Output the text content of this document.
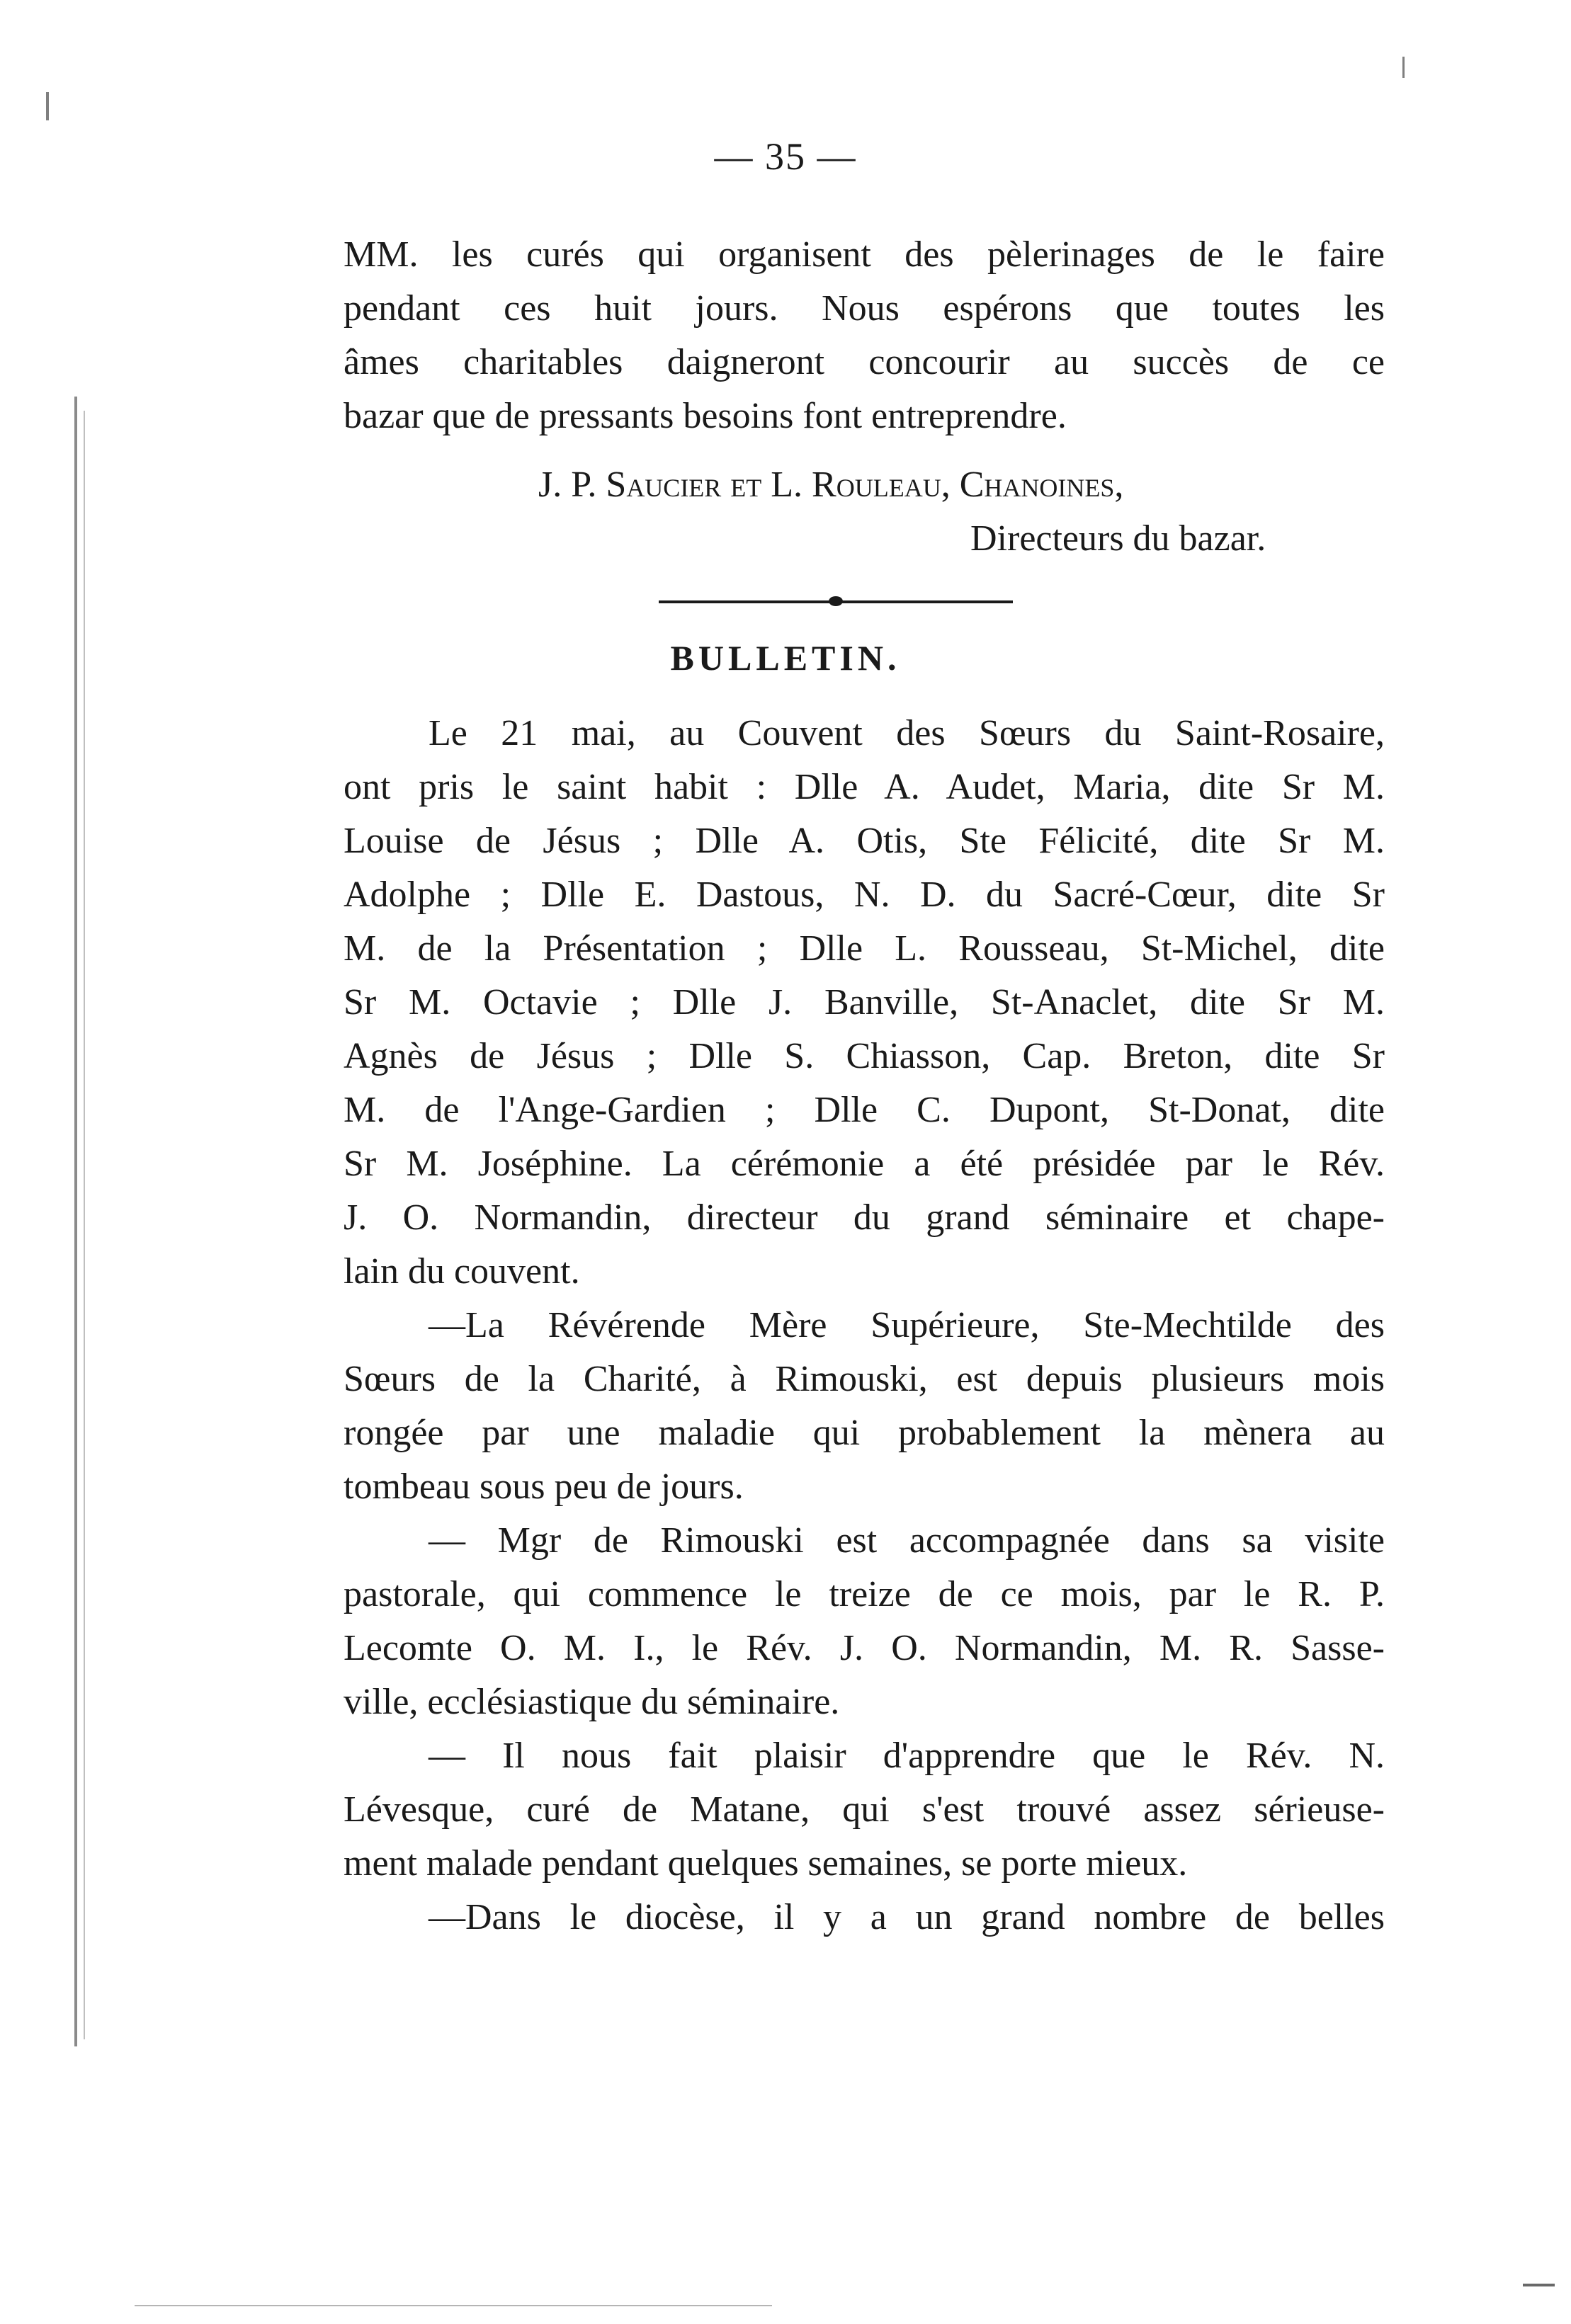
— 35 —
MM. les curés qui organisent des pèlerinages de le faire
pendant ces huit jours. Nous espérons que toutes les
âmes charitables daigneront concourir au succès de ce
bazar que de pressants besoins font entreprendre.
J. P. Saucier et L. Rouleau, Chanoines,
Directeurs du bazar.
BULLETIN.
Le 21 mai, au Couvent des Sœurs du Saint-Rosaire,
ont pris le saint habit : Dlle A. Audet, Maria, dite Sr M.
Louise de Jésus ; Dlle A. Otis, Ste Félicité, dite Sr M.
Adolphe ; Dlle E. Dastous, N. D. du Sacré-Cœur, dite Sr
M. de la Présentation ; Dlle L. Rousseau, St-Michel, dite
Sr M. Octavie ; Dlle J. Banville, St-Anaclet, dite Sr M.
Agnès de Jésus ; Dlle S. Chiasson, Cap. Breton, dite Sr
M. de l'Ange-Gardien ; Dlle C. Dupont, St-Donat, dite
Sr M. Joséphine. La cérémonie a été présidée par le Rév.
J. O. Normandin, directeur du grand séminaire et chape-
lain du couvent.
—La Révérende Mère Supérieure, Ste-Mechtilde des
Sœurs de la Charité, à Rimouski, est depuis plusieurs mois
rongée par une maladie qui probablement la mènera au
tombeau sous peu de jours.
— Mgr de Rimouski est accompagnée dans sa visite
pastorale, qui commence le treize de ce mois, par le R. P.
Lecomte O. M. I., le Rév. J. O. Normandin, M. R. Sasse-
ville, ecclésiastique du séminaire.
— Il nous fait plaisir d'apprendre que le Rév. N.
Lévesque, curé de Matane, qui s'est trouvé assez sérieuse-
ment malade pendant quelques semaines, se porte mieux.
—Dans le diocèse, il y a un grand nombre de belles
